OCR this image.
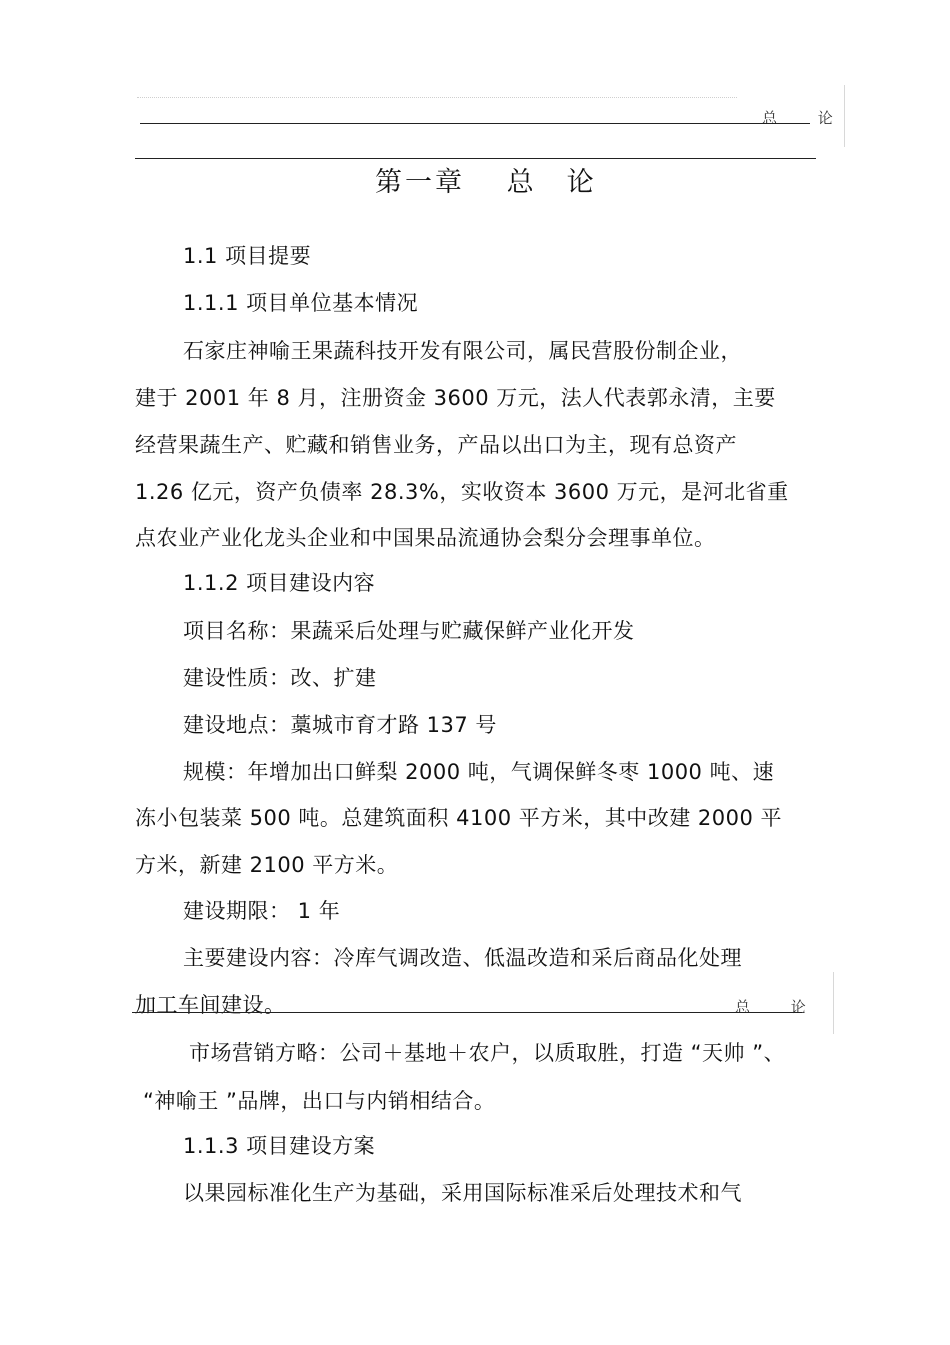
总 论
第一章　 总　论
1.1 项目提要
1.1.1 项目单位基本情况
石家庄神喻王果蔬科技开发有限公司，属民营股份制企业，
建于 2001 年 8 月，注册资金 3600 万元，法人代表郭永清，主要
经营果蔬生产、贮藏和销售业务，产品以出口为主，现有总资产
1.26 亿元，资产负债率 28.3%，实收资本 3600 万元，是河北省重
点农业产业化龙头企业和中国果品流通协会梨分会理事单位。
1.1.2 项目建设内容
项目名称：果蔬采后处理与贮藏保鲜产业化开发
建设性质：改、扩建
建设地点：藁城市育才路 137 号
规模：年增加出口鲜梨 2000 吨，气调保鲜冬枣 1000 吨、速
冻小包装菜 500 吨。总建筑面积 4100 平方米，其中改建 2000 平
方米，新建 2100 平方米。
建设期限： 1 年
主要建设内容：冷库气调改造、低温改造和采后商品化处理
加工车间建设。	总 论
市场营销方略：公司＋基地＋农户，以质取胜，打造 “天帅 ”、
“神喻王 ”品牌，出口与内销相结合。
1.1.3 项目建设方案
以果园标准化生产为基础，采用国际标准采后处理技术和气
